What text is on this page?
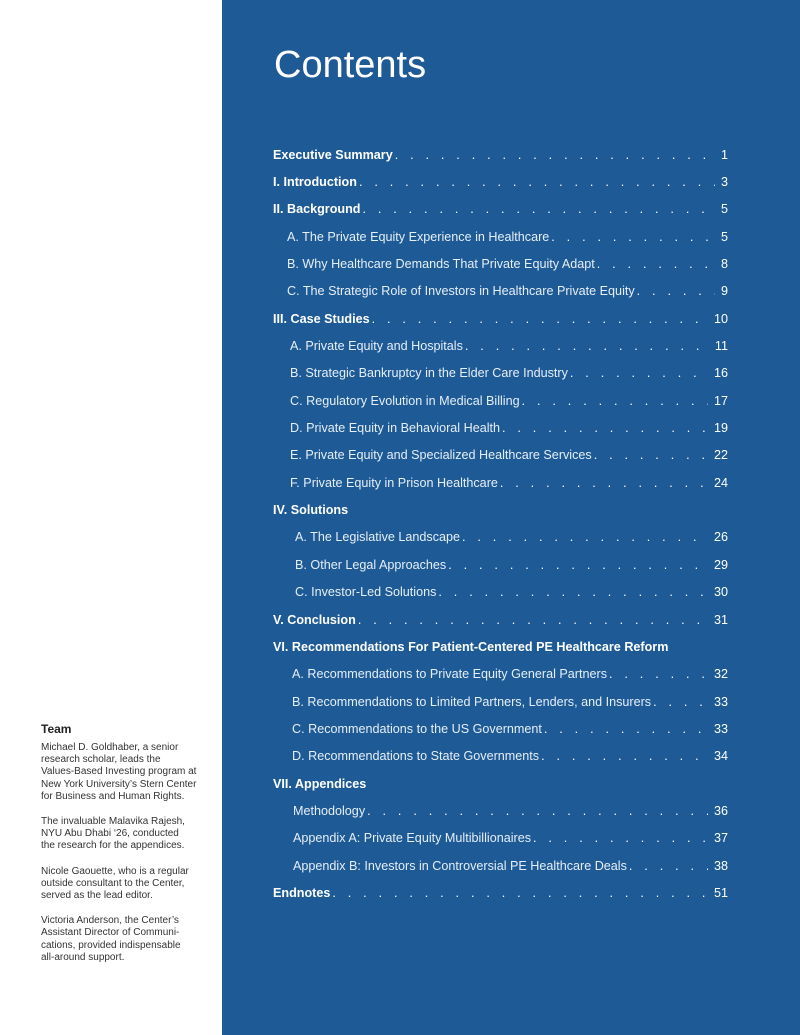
Team

Michael D. Goldhaber, a senior
research scholar, leads the
Values-Based Investing program at
New York University’s Stern Center
for Business and Human Rights.

The invaluable Malavika Rajesh,
NYU Abu Dhabi ‘26, conducted
the research for the appendices.

Nicole Gaouette, who is a regular
outside consultant to the Center,
served as the lead editor.

Victoria Anderson, the Center’s
Assistant Director of Communi-
cations, provided indispensable
all-around support.

Contents
Executive Summary . . .	1
I. Introduction . . .	3
II. Background . . .	5
A. The Private Equity Experience in Healthcare . . .	5
B. Why Healthcare Demands That Private Equity Adapt . . .	8
C. The Strategic Role of Investors in Healthcare Private Equity . . .	9
III. Case Studies . . .	10
A. Private Equity and Hospitals . . .	11
B. Strategic Bankruptcy in the Elder Care Industry . . .	16
C. Regulatory Evolution in Medical Billing . . .	17
D. Private Equity in Behavioral Health . . .	19
E. Private Equity and Specialized Healthcare Services . . .	22
F. Private Equity in Prison Healthcare . . .	24
IV. Solutions
A. The Legislative Landscape . . .	26
B. Other Legal Approaches . . .	29
C. Investor-Led Solutions . . .	30
V. Conclusion . . .	31
VI. Recommendations For Patient-Centered PE Healthcare Reform
A. Recommendations to Private Equity General Partners . . .	32
B. Recommendations to Limited Partners, Lenders, and Insurers . . .	33
C. Recommendations to the US Government . . .	33
D. Recommendations to State Governments . . .	34
VII. Appendices
Methodology . . .	36
Appendix A: Private Equity Multibillionaires . . .	37
Appendix B: Investors in Controversial PE Healthcare Deals . . .	38
Endnotes . . .	51
